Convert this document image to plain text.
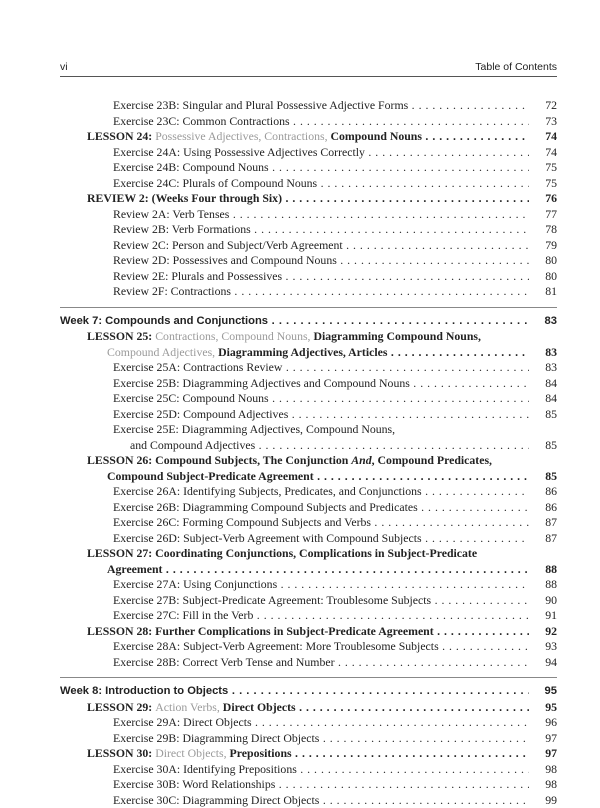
vi	Table of Contents
Exercise 23B: Singular and Plural Possessive Adjective Forms . . .	72
Exercise 23C: Common Contractions . . .	73
LESSON 24: Possessive Adjectives, Contractions, Compound Nouns . . .	74
Exercise 24A: Using Possessive Adjectives Correctly . . .	74
Exercise 24B: Compound Nouns . . .	75
Exercise 24C: Plurals of Compound Nouns . . .	75
REVIEW 2: (Weeks Four through Six) . . .	76
Review 2A: Verb Tenses . . .	77
Review 2B: Verb Formations . . .	78
Review 2C: Person and Subject/Verb Agreement . . .	79
Review 2D: Possessives and Compound Nouns . . .	80
Review 2E: Plurals and Possessives . . .	80
Review 2F: Contractions . . .	81
Week 7: Compounds and Conjunctions . . .	83
LESSON 25: Contractions, Compound Nouns, Diagramming Compound Nouns,
Compound Adjectives, Diagramming Adjectives, Articles . . .	83
Exercise 25A: Contractions Review . . .	83
Exercise 25B: Diagramming Adjectives and Compound Nouns . . .	84
Exercise 25C: Compound Nouns . . .	84
Exercise 25D: Compound Adjectives . . .	85
Exercise 25E: Diagramming Adjectives, Compound Nouns,
and Compound Adjectives . . .	85
LESSON 26: Compound Subjects, The Conjunction And, Compound Predicates,
Compound Subject-Predicate Agreement . . .	85
Exercise 26A: Identifying Subjects, Predicates, and Conjunctions . . .	86
Exercise 26B: Diagramming Compound Subjects and Predicates . . .	86
Exercise 26C: Forming Compound Subjects and Verbs . . .	87
Exercise 26D: Subject-Verb Agreement with Compound Subjects . . .	87
LESSON 27: Coordinating Conjunctions, Complications in Subject-Predicate
Agreement . . .	88
Exercise 27A: Using Conjunctions . . .	88
Exercise 27B: Subject-Predicate Agreement: Troublesome Subjects . . .	90
Exercise 27C: Fill in the Verb . . .	91
LESSON 28: Further Complications in Subject-Predicate Agreement . . .	92
Exercise 28A: Subject-Verb Agreement: More Troublesome Subjects . . .	93
Exercise 28B: Correct Verb Tense and Number . . .	94
Week 8: Introduction to Objects . . .	95
LESSON 29: Action Verbs, Direct Objects . . .	95
Exercise 29A: Direct Objects . . .	96
Exercise 29B: Diagramming Direct Objects . . .	97
LESSON 30: Direct Objects, Prepositions . . .	97
Exercise 30A: Identifying Prepositions . . .	98
Exercise 30B: Word Relationships . . .	98
Exercise 30C: Diagramming Direct Objects . . .	99
